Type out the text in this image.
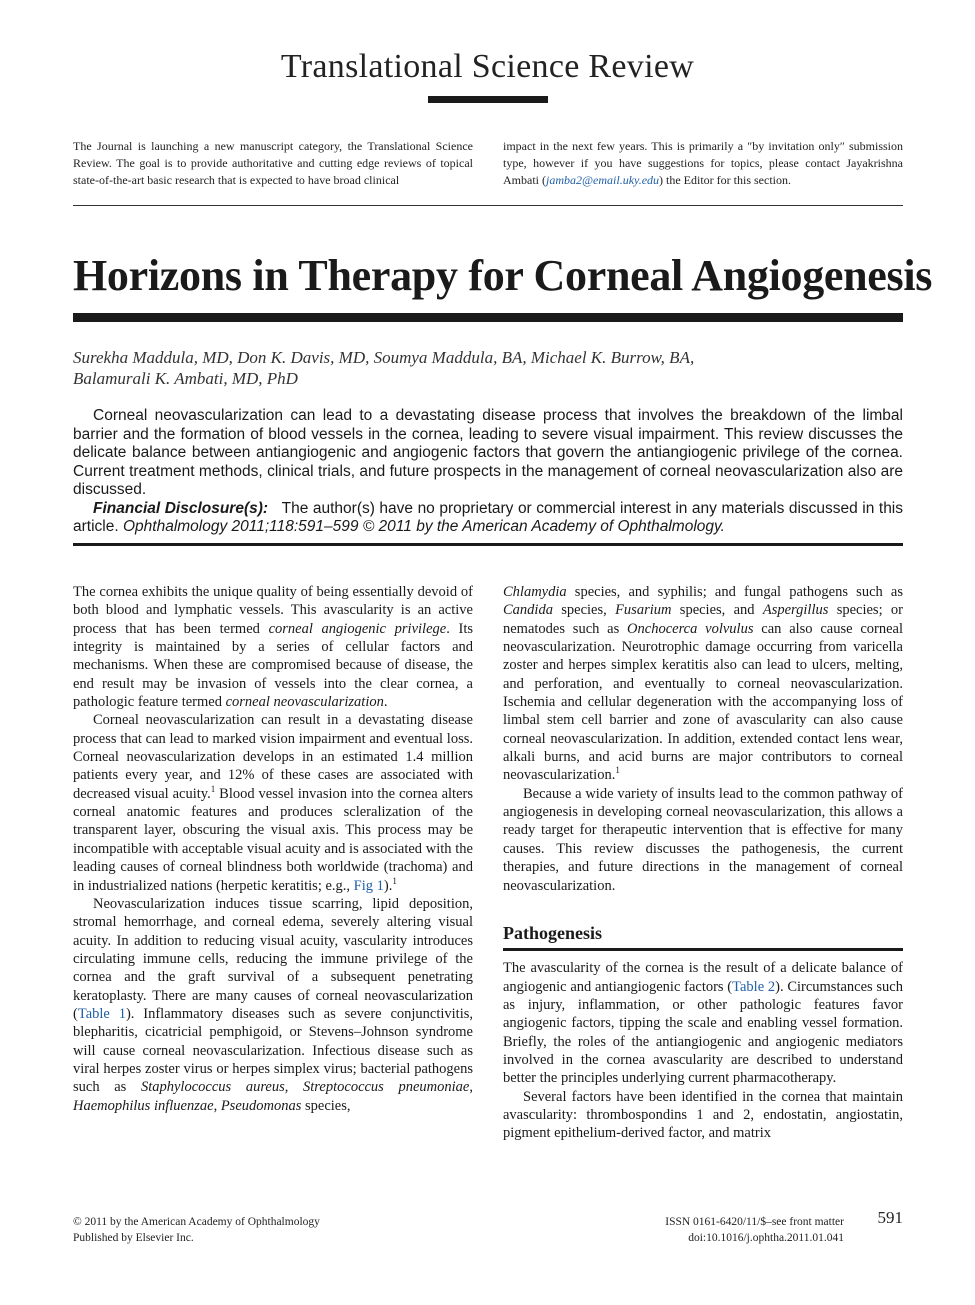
Translational Science Review
The Journal is launching a new manuscript category, the Translational Science Review. The goal is to provide authoritative and cutting edge reviews of topical state-of-the-art basic research that is expected to have broad clinical
impact in the next few years. This is primarily a ″by invitation only″ submission type, however if you have suggestions for topics, please contact Jayakrishna Ambati (jamba2@email.uky.edu) the Editor for this section.
Horizons in Therapy for Corneal Angiogenesis
Surekha Maddula, MD, Don K. Davis, MD, Soumya Maddula, BA, Michael K. Burrow, BA,
Balamurali K. Ambati, MD, PhD

Corneal neovascularization can lead to a devastating disease process that involves the breakdown of the limbal barrier and the formation of blood vessels in the cornea, leading to severe visual impairment. This review discusses the delicate balance between antiangiogenic and angiogenic factors that govern the antiangiogenic privilege of the cornea. Current treatment methods, clinical trials, and future prospects in the management of corneal neovascularization also are discussed.

Financial Disclosure(s): The author(s) have no proprietary or commercial interest in any materials discussed in this article. Ophthalmology 2011;118:591–599 © 2011 by the American Academy of Ophthalmology.

The cornea exhibits the unique quality of being essentially devoid of both blood and lymphatic vessels. This avascularity is an active process that has been termed corneal angiogenic privilege. Its integrity is maintained by a series of cellular factors and mechanisms. When these are compromised because of disease, the end result may be invasion of vessels into the clear cornea, a pathologic feature termed corneal neovascularization.

Corneal neovascularization can result in a devastating disease process that can lead to marked vision impairment and eventual loss. Corneal neovascularization develops in an estimated 1.4 million patients every year, and 12% of these cases are associated with decreased visual acuity.$^1$ Blood vessel invasion into the cornea alters corneal anatomic features and produces scleralization of the transparent layer, obscuring the visual axis. This process may be incompatible with acceptable visual acuity and is associated with the leading causes of corneal blindness both worldwide (trachoma) and in industrialized nations (herpetic keratitis; e.g., Fig 1).$^1$

Neovascularization induces tissue scarring, lipid deposition, stromal hemorrhage, and corneal edema, severely altering visual acuity. In addition to reducing visual acuity, vascularity introduces circulating immune cells, reducing the immune privilege of the cornea and the graft survival of a subsequent penetrating keratoplasty. There are many causes of corneal neovascularization (Table 1). Inflammatory diseases such as severe conjunctivitis, blepharitis, cicatricial pemphigoid, or Stevens–Johnson syndrome will cause corneal neovascularization. Infectious disease such as viral herpes zoster virus or herpes simplex virus; bacterial pathogens such as Staphylococcus aureus, Streptococcus pneumoniae, Haemophilus influenzae, Pseudomonas species,

Chlamydia species, and syphilis; and fungal pathogens such as Candida species, Fusarium species, and Aspergillus species; or nematodes such as Onchocerca volvulus can also cause corneal neovascularization. Neurotrophic damage occurring from varicella zoster and herpes simplex keratitis also can lead to ulcers, melting, and perforation, and eventually to corneal neovascularization. Ischemia and cellular degeneration with the accompanying loss of limbal stem cell barrier and zone of avascularity can also cause corneal neovascularization. In addition, extended contact lens wear, alkali burns, and acid burns are major contributors to corneal neovascularization.$^1$

Because a wide variety of insults lead to the common pathway of angiogenesis in developing corneal neovascularization, this allows a ready target for therapeutic intervention that is effective for many causes. This review discusses the pathogenesis, the current therapies, and future directions in the management of corneal neovascularization.

Pathogenesis

The avascularity of the cornea is the result of a delicate balance of angiogenic and antiangiogenic factors (Table 2). Circumstances such as injury, inflammation, or other pathologic features favor angiogenic factors, tipping the scale and enabling vessel formation. Briefly, the roles of the antiangiogenic and angiogenic mediators involved in the cornea avascularity are described to understand better the principles underlying current pharmacotherapy.

Several factors have been identified in the cornea that maintain avascularity: thrombospondins 1 and 2, endostatin, angiostatin, pigment epithelium-derived factor, and matrix

© 2011 by the American Academy of Ophthalmology
Published by Elsevier Inc.
ISSN 0161-6420/11/$–see front matter
doi:10.1016/j.ophtha.2011.01.041
591
